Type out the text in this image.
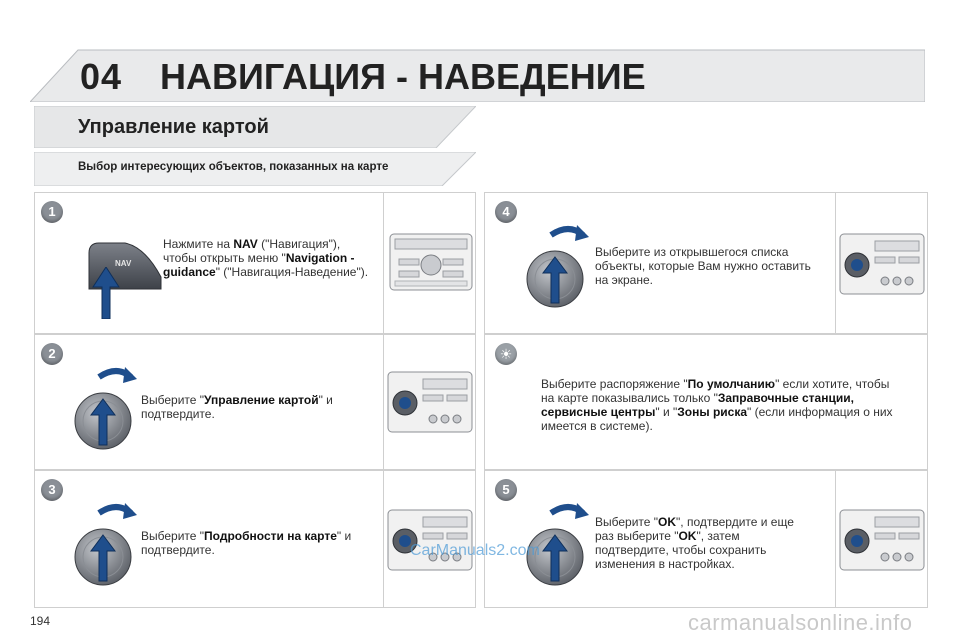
04 НАВИГАЦИЯ - НАВЕДЕНИЕ
Управление картой
Выбор интересующих объектов, показанных на карте
1
NAV
Нажмите на NAV ("Навигация"), чтобы открыть меню "Navigation - guidance" ("Навигация-Наведение").
2
Выберите "Управление картой" и подтвердите.
3
Выберите "Подробности на карте" и подтвердите.
4
Выберите из открывшегося списка объекты, которые Вам нужно оставить на экране.
☀
Выберите распоряжение "По умолчанию" если хотите, чтобы на карте показывались только "Заправочные станции, сервисные центры" и "Зоны риска" (если информация о них имеется в системе).
5
Выберите "OK", подтвердите и еще раз выберите "OK", затем подтвердите, чтобы сохранить изменения в настройках.
194
CarManuals2.com
carmanualsonline.info
